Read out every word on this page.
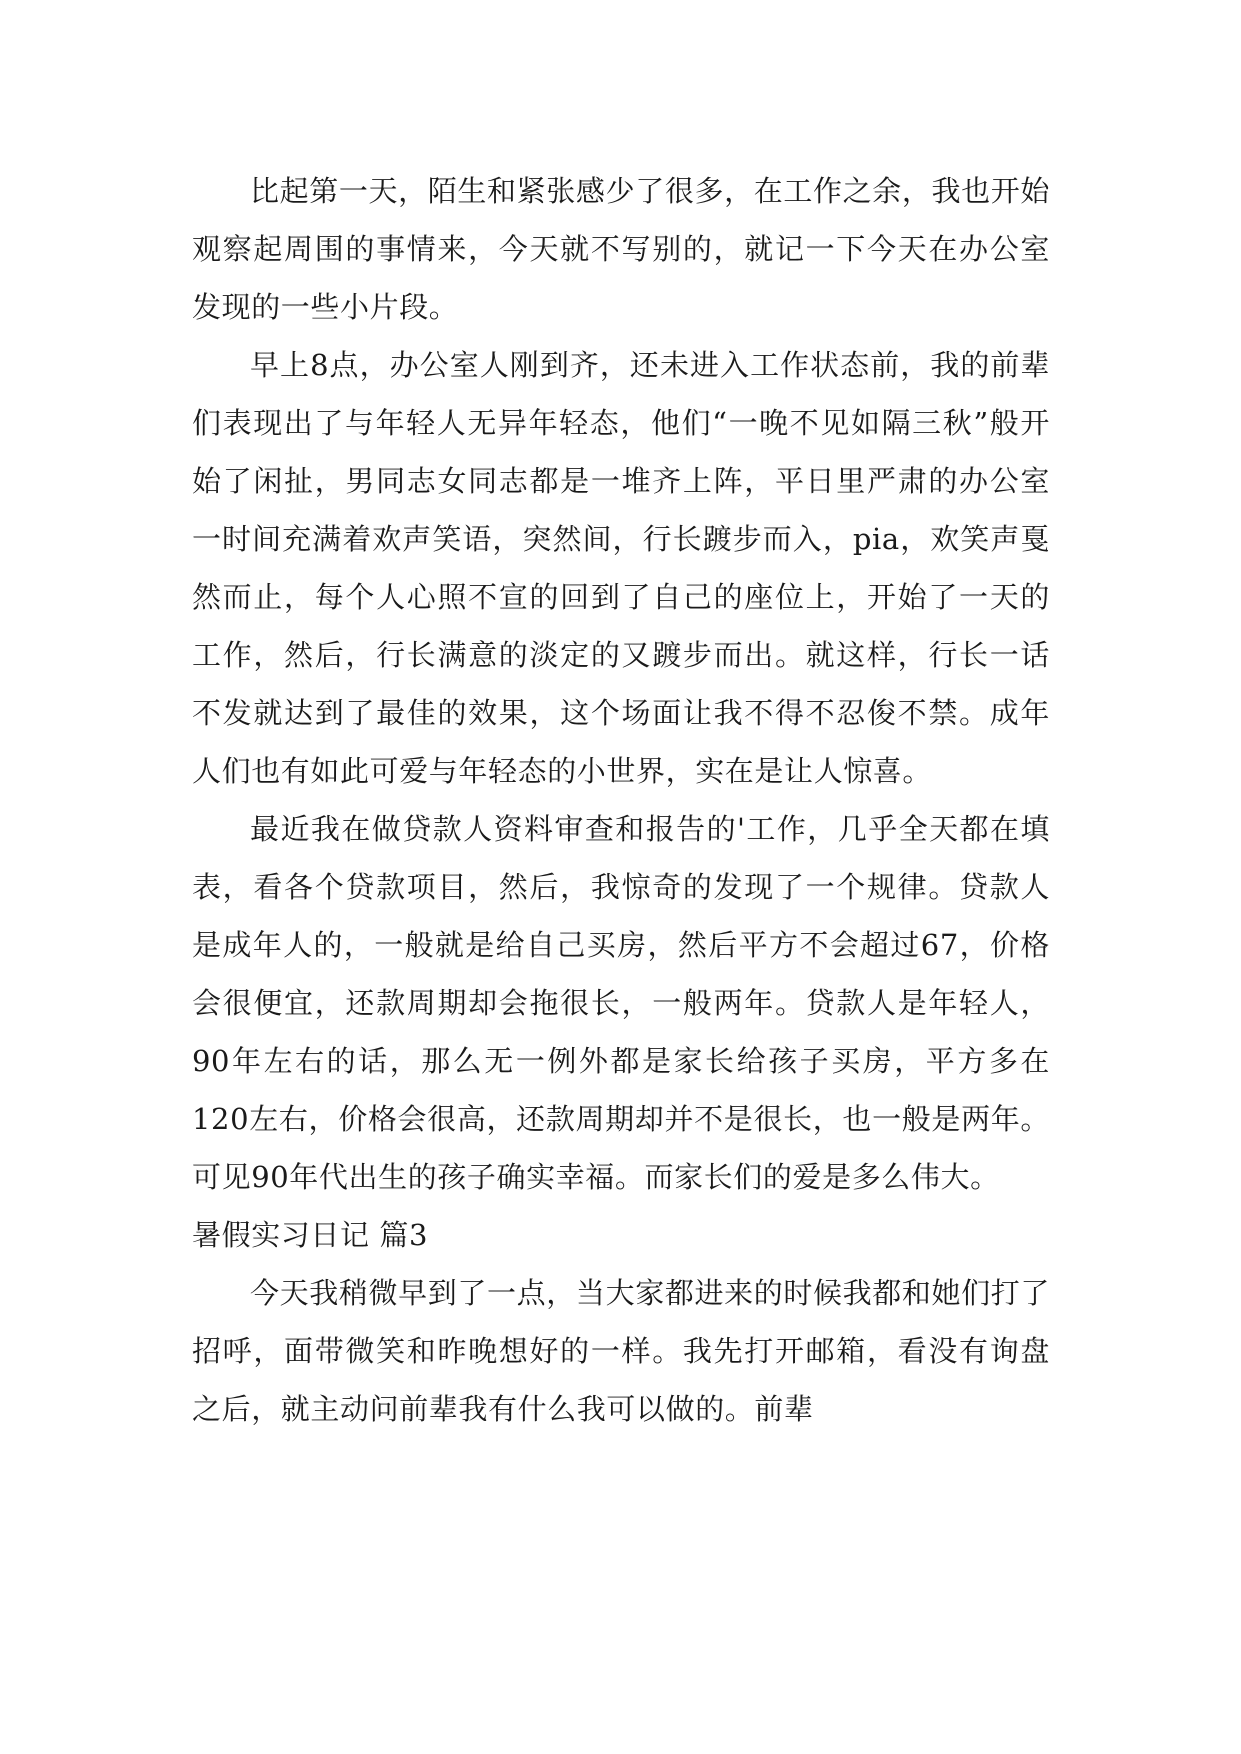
比起第一天，陌生和紧张感少了很多，在工作之余，我也开始观察起周围的事情来，今天就不写别的，就记一下今天在办公室发现的一些小片段。

早上8点，办公室人刚到齐，还未进入工作状态前，我的前辈们表现出了与年轻人无异年轻态，他们“一晚不见如隔三秋”般开始了闲扯，男同志女同志都是一堆齐上阵，平日里严肃的办公室一时间充满着欢声笑语，突然间，行长踱步而入，pia，欢笑声戛然而止，每个人心照不宣的回到了自己的座位上，开始了一天的工作，然后，行长满意的淡定的又踱步而出。就这样，行长一话不发就达到了最佳的效果，这个场面让我不得不忍俊不禁。成年人们也有如此可爱与年轻态的小世界，实在是让人惊喜。

最近我在做贷款人资料审查和报告的'工作，几乎全天都在填表，看各个贷款项目，然后，我惊奇的发现了一个规律。贷款人是成年人的，一般就是给自己买房，然后平方不会超过67，价格会很便宜，还款周期却会拖很长，一般两年。贷款人是年轻人，90年左右的话，那么无一例外都是家长给孩子买房，平方多在120左右，价格会很高，还款周期却并不是很长，也一般是两年。可见90年代出生的孩子确实幸福。而家长们的爱是多么伟大。

暑假实习日记 篇3

今天我稍微早到了一点，当大家都进来的时候我都和她们打了招呼，面带微笑和昨晚想好的一样。我先打开邮箱，看没有询盘之后，就主动问前辈我有什么我可以做的。前辈
